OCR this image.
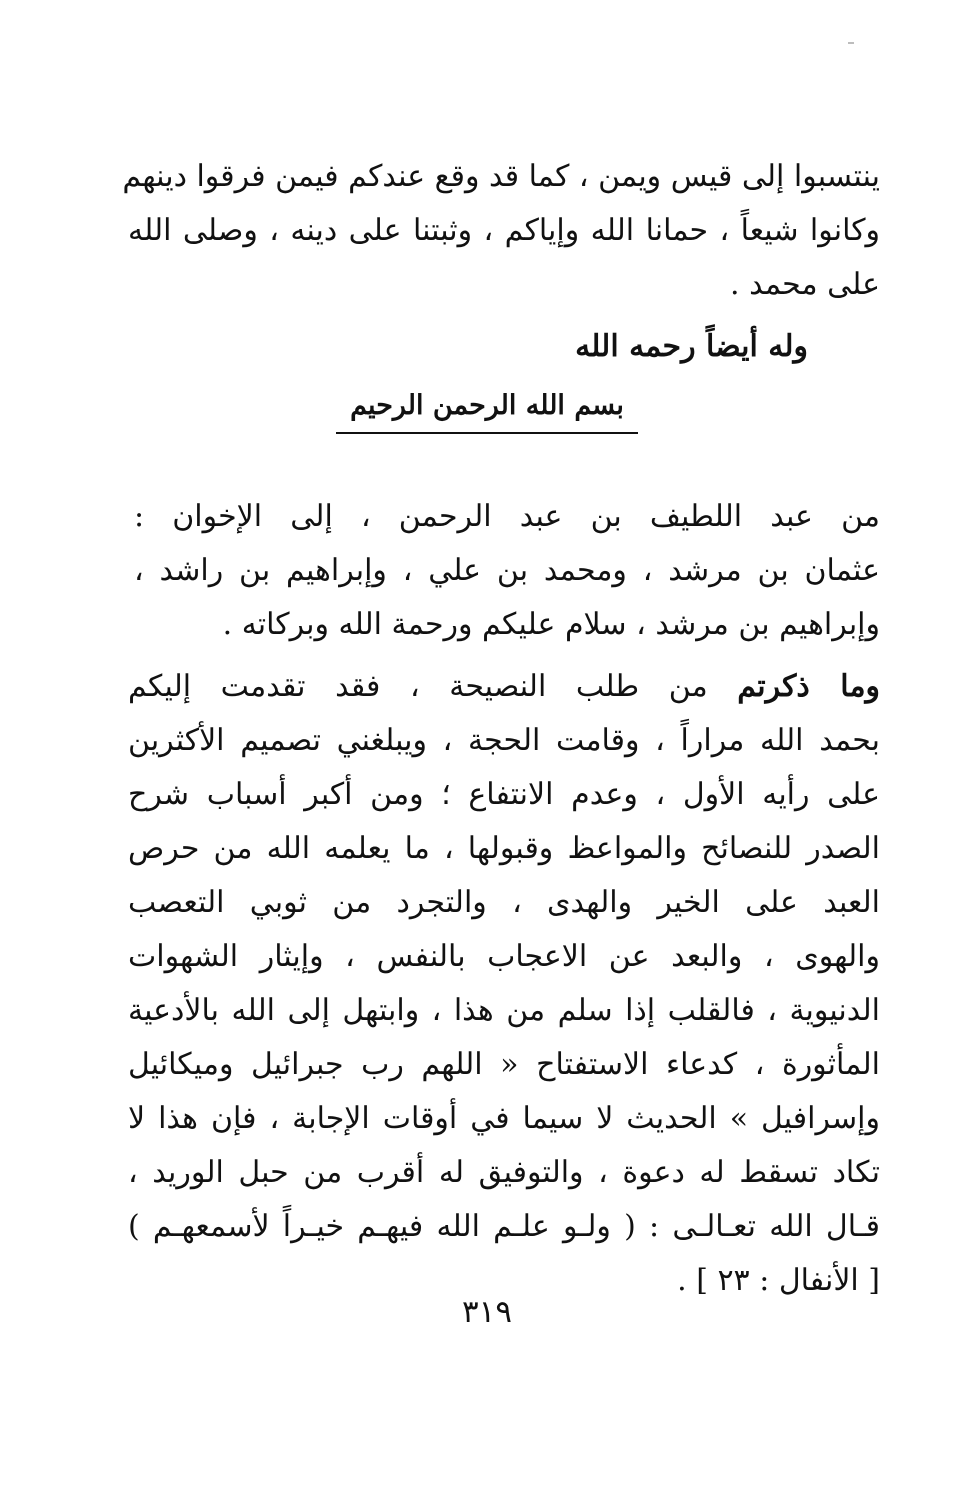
ينتسبوا إلى قيس ويمن ، كما قد وقع عندكم فيمن فرقوا دينهم
وكانوا شيعاً ، حمانا الله وإياكم ، وثبتنا على دينه ، وصلى الله
على محمد .
وله أيضاً رحمه الله
بسم الله الرحمن الرحيم
من عبد اللطيف بن عبد الرحمن ، إلى الإخوان :
عثمان بن مرشد ، ومحمد بن علي ، وإبراهيم بن راشد ،
وإبراهيم بن مرشد ، سلام عليكم ورحمة الله وبركاته .
وما ذكرتم من طلب النصيحة ، فقد تقدمت إليكم
بحمد الله مراراً ، وقامت الحجة ، ويبلغني تصميم الأكثرين
على رأيه الأول ، وعدم الانتفاع ؛ ومن أكبر أسباب شرح
الصدر للنصائح والمواعظ وقبولها ، ما يعلمه الله من حرص
العبد على الخير والهدى ، والتجرد من ثوبي التعصب
والهوى ، والبعد عن الاعجاب بالنفس ، وإيثار الشهوات
الدنيوية ، فالقلب إذا سلم من هذا ، وابتهل إلى الله بالأدعية
المأثورة ، كدعاء الاستفتاح « اللهم رب جبرائيل وميكائيل
وإسرافيل » الحديث لا سيما في أوقات الإجابة ، فإن هذا لا
تكاد تسقط له دعوة ، والتوفيق له أقرب من حبل الوريد ،
قـال الله تعـالـى : ( ولـو علـم الله فيهـم خيـراً لأسمعهـم )
[ الأنفال : ٢٣ ] .
٣١٩
